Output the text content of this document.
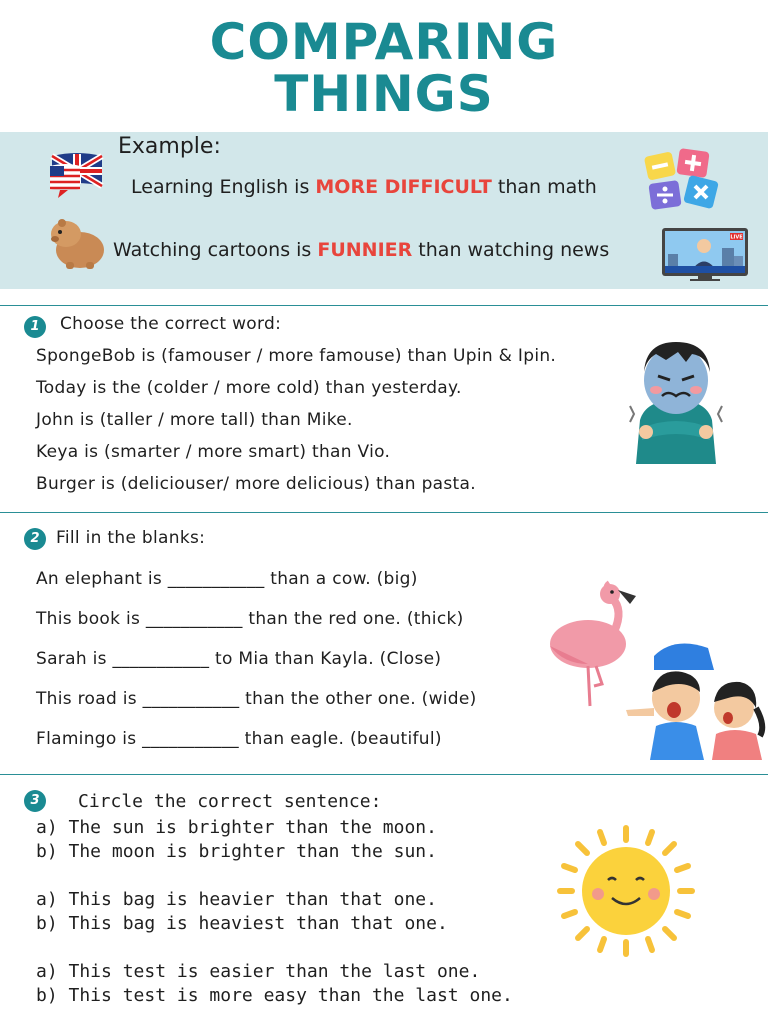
COMPARING
THINGS
Example:
Learning English is MORE DIFFICULT than math
Watching cartoons is FUNNIER than watching news
LIVE
1	Choose the correct word:
SpongeBob is (famouser / more famouse) than Upin & Ipin.
Today is the (colder / more cold) than yesterday.
John is (taller / more tall) than Mike.
Keya is (smarter / more smart) than Vio.
Burger is (deliciouser/ more delicious) than pasta.
2 Fill in the blanks:
An elephant is ___________ than a cow. (big)
This book is ___________ than the red one. (thick)
Sarah is ___________ to Mia than Kayla. (Close)
This road is ___________ than the other one. (wide)
Flamingo is ___________ than eagle. (beautiful)
3	Circle the correct sentence:
a) The sun is brighter than the moon.
b) The moon is brighter than the sun.
a) This bag is heavier than that one.
b) This bag is heaviest than that one.
a) This test is easier than the last one.
b) This test is more easy than the last one.
